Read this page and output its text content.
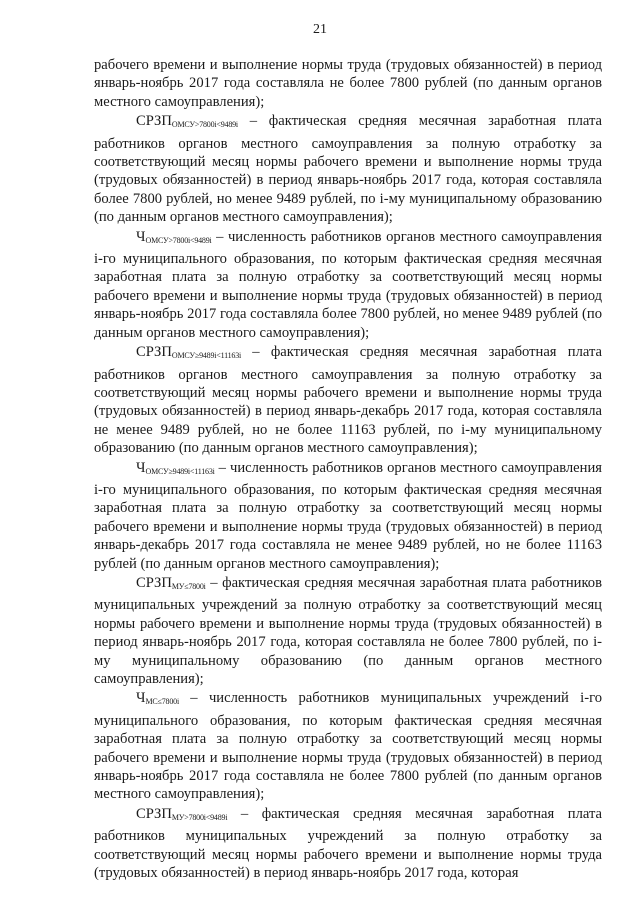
21

рабочего времени и выполнение нормы труда (трудовых обязанностей) в период январь-ноябрь 2017 года составляла не более 7800 рублей (по данным органов местного самоуправления);

$СРЗП_{ОМСУ>7800i<9489i}$ – фактическая средняя месячная заработная плата работников органов местного самоуправления за полную отработку за соответствующий месяц нормы рабочего времени и выполнение нормы труда (трудовых обязанностей) в период январь-ноябрь 2017 года, которая составляла более 7800 рублей, но менее 9489 рублей, по i-му муниципальному образованию (по данным органов местного самоуправления);

$Ч_{ОМСУ>7800i<9489i}$ – численность работников органов местного самоуправления i-го муниципального образования, по которым фактическая средняя месячная заработная плата за полную отработку за соответствующий месяц нормы рабочего времени и выполнение нормы труда (трудовых обязанностей) в период январь-ноябрь 2017 года составляла более 7800 рублей, но менее 9489 рублей (по данным органов местного самоуправления);

$СРЗП_{ОМСУ\ge 9489i<11163i}$ – фактическая средняя месячная заработная плата работников органов местного самоуправления за полную отработку за соответствующий месяц нормы рабочего времени и выполнение нормы труда (трудовых обязанностей) в период январь-декабрь 2017 года, которая составляла не менее 9489 рублей, но не более 11163 рублей, по i-му муниципальному образованию (по данным органов местного самоуправления);

$Ч_{ОМСУ\ge 9489i<11163i}$ – численность работников органов местного самоуправления i-го муниципального образования, по которым фактическая средняя месячная заработная плата за полную отработку за соответствующий месяц нормы рабочего времени и выполнение нормы труда (трудовых обязанностей) в период январь-декабрь 2017 года составляла не менее 9489 рублей, но не более 11163 рублей (по данным органов местного самоуправления);

$СРЗП_{МУ\le 7800i}$ – фактическая средняя месячная заработная плата работников муниципальных учреждений за полную отработку за соответствующий месяц нормы рабочего времени и выполнение нормы труда (трудовых обязанностей) в период январь-ноябрь 2017 года, которая составляла не более 7800 рублей, по i-му муниципальному образованию (по данным органов местного самоуправления);

$Ч_{МС\le 7800i}$ – численность работников муниципальных учреждений i-го муниципального образования, по которым фактическая средняя месячная заработная плата за полную отработку за соответствующий месяц нормы рабочего времени и выполнение нормы труда (трудовых обязанностей) в период январь-ноябрь 2017 года составляла не более 7800 рублей (по данным органов местного самоуправления);

$СРЗП_{МУ>7800i<9489i}$ – фактическая средняя месячная заработная плата работников муниципальных учреждений за полную отработку за соответствующий месяц нормы рабочего времени и выполнение нормы труда (трудовых обязанностей) в период январь-ноябрь 2017 года, которая
